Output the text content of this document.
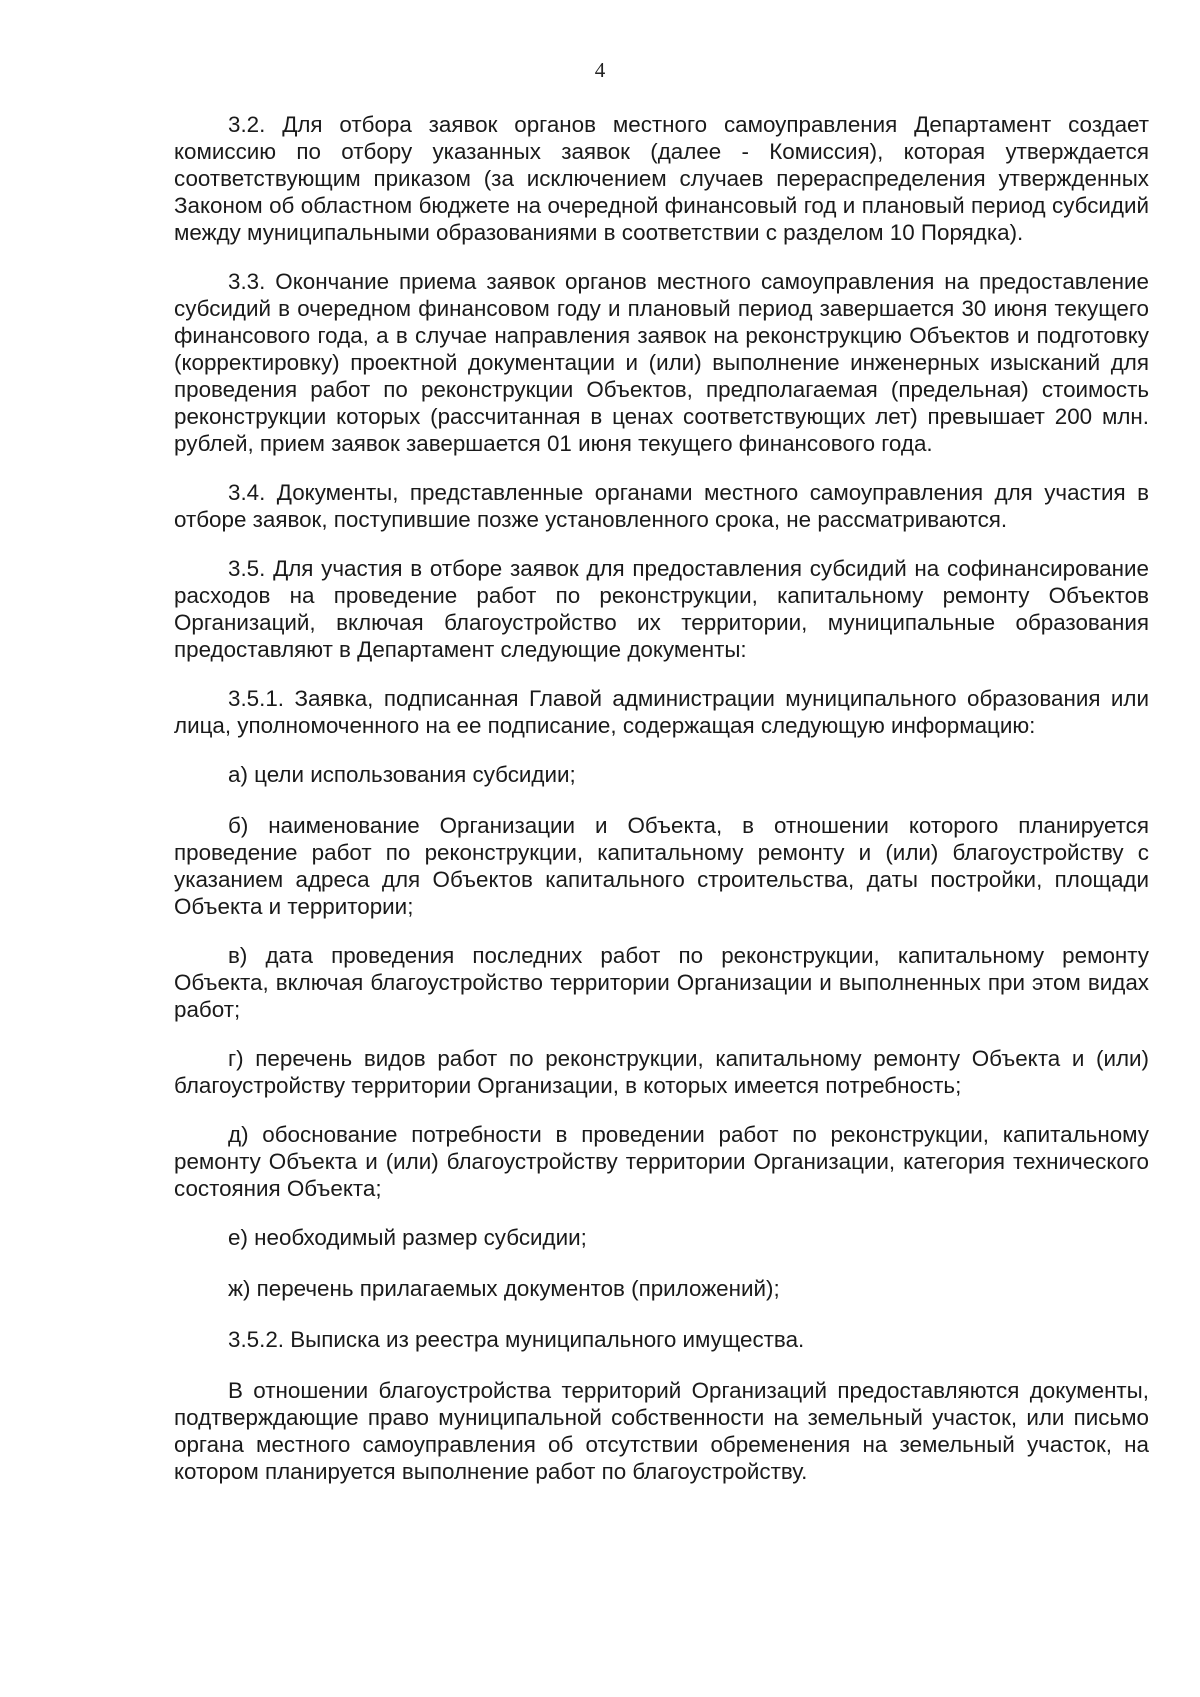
4

3.2. Для отбора заявок органов местного самоуправления Департамент создает комиссию по отбору указанных заявок (далее - Комиссия), которая утверждается соответствующим приказом (за исключением случаев перераспределения утвержденных Законом об областном бюджете на очередной финансовый год и плановый период субсидий между муниципальными образованиями в соответствии с разделом 10 Порядка).

3.3. Окончание приема заявок органов местного самоуправления на предоставление субсидий в очередном финансовом году и плановый период завершается 30 июня текущего финансового года, а в случае направления заявок на реконструкцию Объектов и подготовку (корректировку) проектной документации и (или) выполнение инженерных изысканий для проведения работ по реконструкции Объектов, предполагаемая (предельная) стоимость реконструкции которых (рассчитанная в ценах соответствующих лет) превышает 200 млн. рублей, прием заявок завершается 01 июня текущего финансового года.

3.4. Документы, представленные органами местного самоуправления для участия в отборе заявок, поступившие позже установленного срока, не рассматриваются.

3.5. Для участия в отборе заявок для предоставления субсидий на софинансирование расходов на проведение работ по реконструкции, капитальному ремонту Объектов Организаций, включая благоустройство их территории, муниципальные образования предоставляют в Департамент следующие документы:

3.5.1. Заявка, подписанная Главой администрации муниципального образования или лица, уполномоченного на ее подписание, содержащая следующую информацию:

а) цели использования субсидии;

б) наименование Организации и Объекта, в отношении которого планируется проведение работ по реконструкции, капитальному ремонту и (или) благоустройству с указанием адреса для Объектов капитального строительства, даты постройки, площади Объекта и территории;

в) дата проведения последних работ по реконструкции, капитальному ремонту Объекта, включая благоустройство территории Организации и выполненных при этом видах работ;

г) перечень видов работ по реконструкции, капитальному ремонту Объекта и (или) благоустройству территории Организации, в которых имеется потребность;

д) обоснование потребности в проведении работ по реконструкции, капитальному ремонту Объекта и (или) благоустройству территории Организации, категория технического состояния Объекта;

е) необходимый размер субсидии;

ж) перечень прилагаемых документов (приложений);

3.5.2. Выписка из реестра муниципального имущества.

В отношении благоустройства территорий Организаций предоставляются документы, подтверждающие право муниципальной собственности на земельный участок, или письмо органа местного самоуправления об отсутствии обременения на земельный участок, на котором планируется выполнение работ по благоустройству.
